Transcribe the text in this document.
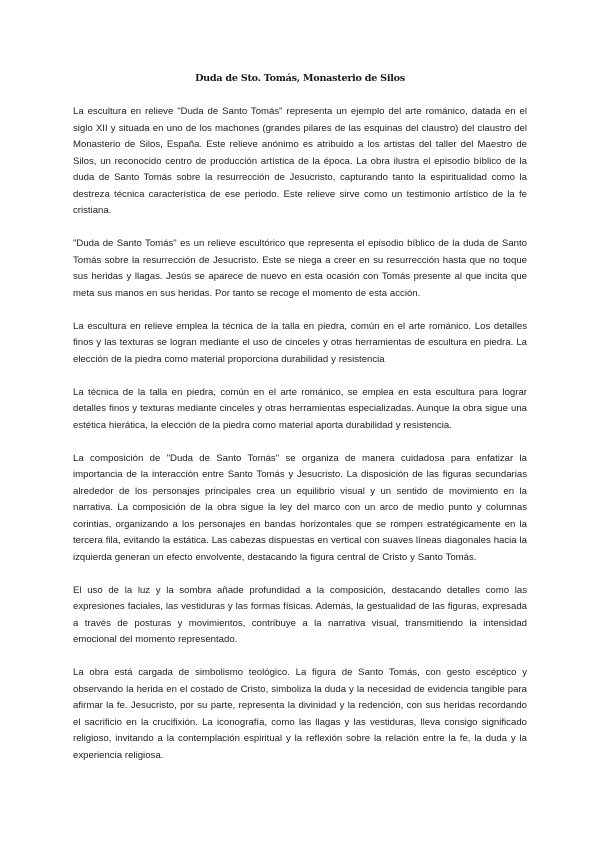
Duda de Sto. Tomás, Monasterio de Silos

La escultura en relieve "Duda de Santo Tomás" representa un ejemplo del arte románico, datada en el siglo XII y situada en uno de los machones (grandes pilares de las esquinas del claustro) del claustro del Monasterio de Silos, España. Este relieve anónimo es atribuido a los artistas del taller del Maestro de Silos, un reconocido centro de producción artística de la época. La obra ilustra el episodio bíblico de la duda de Santo Tomás sobre la resurrección de Jesucristo, capturando tanto la espiritualidad como la destreza técnica característica de ese periodo. Este relieve sirve como un testimonio artístico de la fe cristiana.

"Duda de Santo Tomás" es un relieve escultórico que representa el episodio bíblico de la duda de Santo Tomás sobre la resurrección de Jesucristo. Este se niega a creer en su resurrección hasta que no toque sus heridas y llagas. Jesús se aparece de nuevo en esta ocasión con Tomás presente al que incita que meta sus manos en sus heridas. Por tanto se recoge el momento de esta acción.

La escultura en relieve emplea la técnica de la talla en piedra, común en el arte románico. Los detalles finos y las texturas se logran mediante el uso de cinceles y otras herramientas de escultura en piedra. La elección de la piedra como material proporciona durabilidad y resistencia

La técnica de la talla en piedra, común en el arte románico, se emplea en esta escultura para lograr detalles finos y texturas mediante cinceles y otras herramientas especializadas. Aunque la obra sigue una estética hierática, la elección de la piedra como material aporta durabilidad y resistencia.

La composición de "Duda de Santo Tomás" se organiza de manera cuidadosa para enfatizar la importancia de la interacción entre Santo Tomás y Jesucristo. La disposición de las figuras secundarias alrededor de los personajes principales crea un equilibrio visual y un sentido de movimiento en la narrativa. La composición de la obra sigue la ley del marco con un arco de medio punto y columnas corintias, organizando a los personajes en bandas horizontales que se rompen estratégicamente en la tercera fila, evitando la estática. Las cabezas dispuestas en vertical con suaves líneas diagonales hacia la izquierda generan un efecto envolvente, destacando la figura central de Cristo y Santo Tomás.

El uso de la luz y la sombra añade profundidad a la composición, destacando detalles como las expresiones faciales, las vestiduras y las formas físicas. Además, la gestualidad de las figuras, expresada a través de posturas y movimientos, contribuye a la narrativa visual, transmitiendo la intensidad emocional del momento representado.

La obra está cargada de simbolismo teológico. La figura de Santo Tomás, con gesto escéptico y observando la herida en el costado de Cristo, simboliza la duda y la necesidad de evidencia tangible para afirmar la fe. Jesucristo, por su parte, representa la divinidad y la redención, con sus heridas recordando el sacrificio en la crucifixión. La iconografía, como las llagas y las vestiduras, lleva consigo significado religioso, invitando a la contemplación espiritual y la reflexión sobre la relación entre la fe, la duda y la experiencia religiosa.
